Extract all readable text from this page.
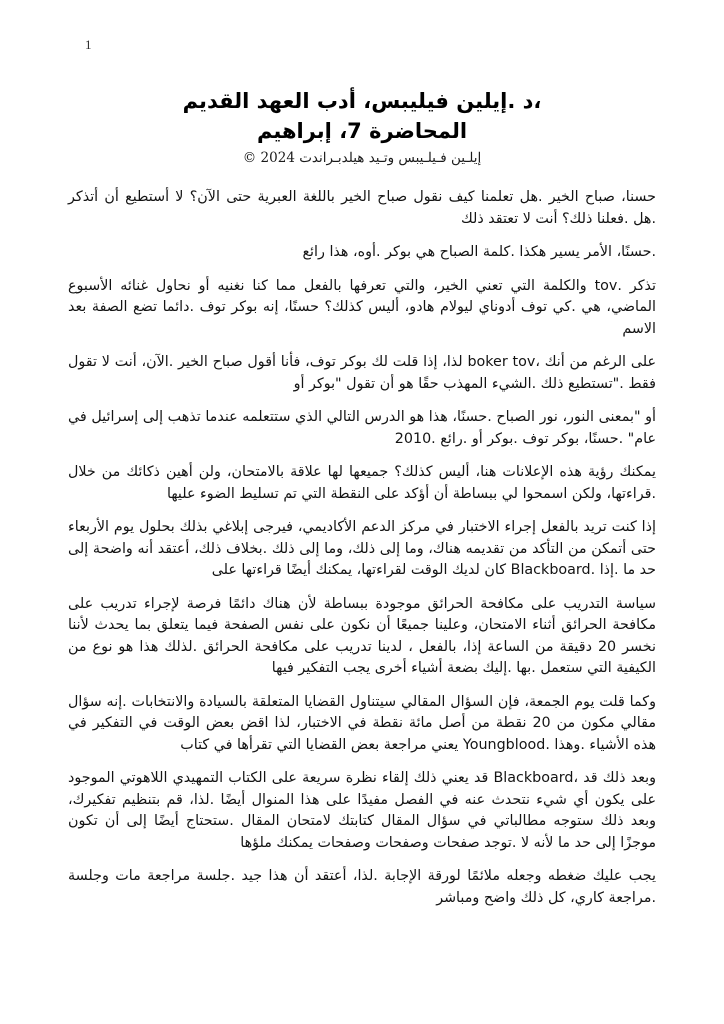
1
،د .إيلين فيليبس، أدب العهد القديم
المحاضرة 7، إبراهيم
إيلـين فـيلـيبس وتـيد هيلدبـراندت 2024 ©

حسنا، صباح الخير .هل تعلمنا كيف نقول صباح الخير باللغة العبرية حتى الآن؟ لا أستطيع أن أتذكر .هل .فعلنا ذلك؟ أنت لا تعتقد ذلك

.حسنًا، الأمر يسير هكذا .كلمة الصباح هي بوكر .أوه، هذا رائع

تذكر .tov والكلمة التي تعني الخير، والتي تعرفها بالفعل مما كنا نغنيه أو نحاول غنائه الأسبوع الماضي، هي .كي توف أدوناي ليولام هادو، أليس كذلك؟ حسنًا، إنه بوكر توف .دائما تضع الصفة بعد الاسم

على الرغم من أنك ،boker tov لذا، إذا قلت لك بوكر توف، فأنا أقول صباح الخير .الآن، أنت لا تقول فقط ."تستطيع ذلك .الشيء المهذب حقًا هو أن تقول "بوكر أو

أو "بمعنى النور، نور الصباح .حسنًا، هذا هو الدرس التالي الذي ستتعلمه عندما تذهب إلى إسرائيل في عام" .حسنًا، بوكر توف .بوكر أو .رائع .2010

يمكنك رؤية هذه الإعلانات هنا، أليس كذلك؟ جميعها لها علاقة بالامتحان، ولن أهين ذكائك من خلال .قراءتها، ولكن اسمحوا لي ببساطة أن أؤكد على النقطة التي تم تسليط الضوء عليها

إذا كنت تريد بالفعل إجراء الاختبار في مركز الدعم الأكاديمي، فيرجى إبلاغي بذلك بحلول يوم الأربعاء حتى أتمكن من التأكد من تقديمه هناك، وما إلى ذلك، وما إلى ذلك .بخلاف ذلك، أعتقد أنه واضحة إلى حد ما .إذا .Blackboard كان لديك الوقت لقراءتها، يمكنك أيضًا قراءتها على

سياسة التدريب على مكافحة الحرائق موجودة ببساطة لأن هناك دائمًا فرصة لإجراء تدريب على مكافحة الحرائق أثناء الامتحان، وعلينا جميعًا أن نكون على نفس الصفحة فيما يتعلق بما يحدث لأننا نخسر 20 دقيقة من الساعة إذا، بالفعل ، لدينا تدريب على مكافحة الحرائق .لذلك هذا هو نوع من الكيفية التي ستعمل .بها .إليك بضعة أشياء أخرى يجب التفكير فيها

وكما قلت يوم الجمعة، فإن السؤال المقالي سيتناول القضايا المتعلقة بالسيادة والانتخابات .إنه سؤال مقالي مكون من 20 نقطة من أصل مائة نقطة في الاختبار، لذا اقض بعض الوقت في التفكير في هذه الأشياء .وهذا .Youngblood يعني مراجعة بعض القضايا التي تقرأها في كتاب

وبعد ذلك قد ،Blackboard قد يعني ذلك إلقاء نظرة سريعة على الكتاب التمهيدي اللاهوتي الموجود على يكون أي شيء نتحدث عنه في الفصل مفيدًا على هذا المنوال أيضًا .لذا، قم بتنظيم تفكيرك، وبعد ذلك ستوجه مطالباتي في سؤال المقال كتابتك لامتحان المقال .ستحتاج أيضًا إلى أن تكون موجزًا إلى حد ما لأنه لا .توجد صفحات وصفحات وصفحات يمكنك ملؤها

يجب عليك ضغطه وجعله ملائمًا لورقة الإجابة .لذا، أعتقد أن هذا جيد .جلسة مراجعة مات وجلسة .مراجعة كاري، كل ذلك واضح ومباشر
